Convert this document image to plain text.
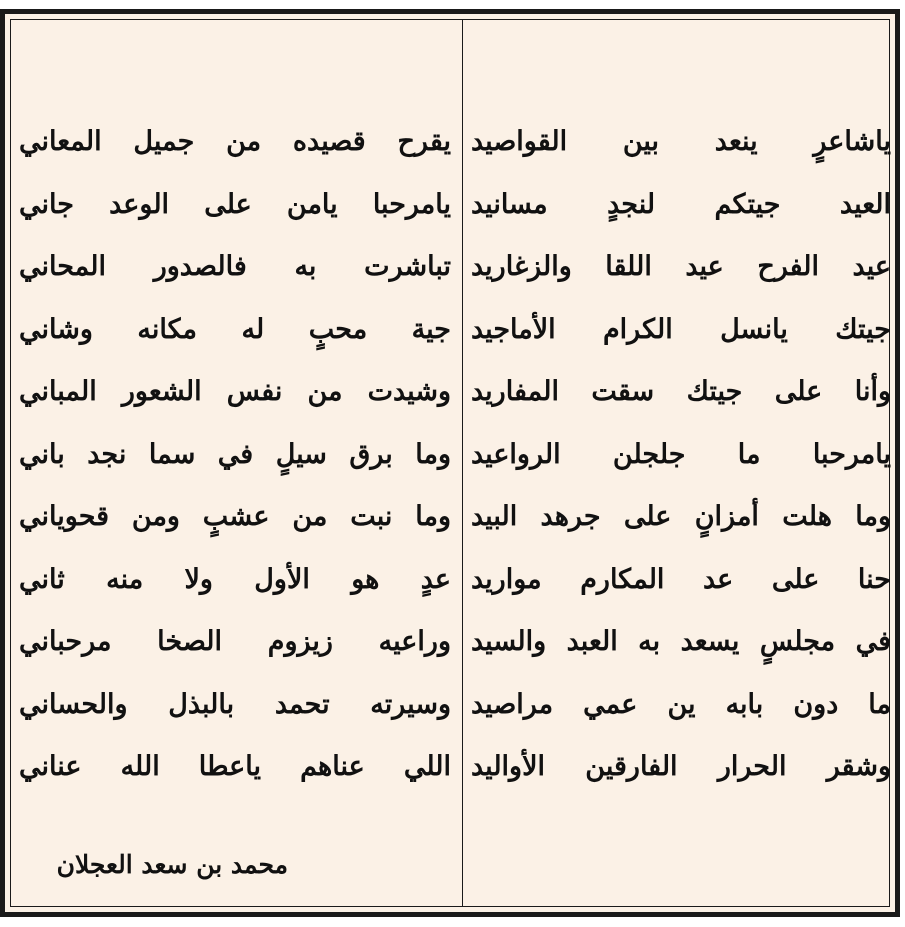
ياشاعرٍ ينعد بين القواصيد
العيد جيتكم لنجدٍ مسانيد
عيد الفرح عيد اللقا والزغاريد
جيتك يانسل الكرام الأماجيد
وأنا على جيتك سقت المفاريد
يامرحبا ما جلجلن الرواعيد
وما هلت أمزانٍ على جرهد البيد
حنا على عد المكارم مواريد
في مجلسٍ يسعد به العبد والسيد
ما دون بابه ين عمي مراصيد
وشقر الحرار الفارقين الأواليد
يقرح قصيده من جميل المعاني
يامرحبا يامن على الوعد جاني
تباشرت به فالصدور المحاني
جية محبٍ له مكانه وشاني
وشيدت من نفس الشعور المباني
وما برق سيلٍ في سما نجد باني
وما نبت من عشبٍ ومن قحوياني
عدٍ هو الأول ولا منه ثاني
وراعيه زيزوم الصخا مرحباني
وسيرته تحمد بالبذل والحساني
اللي عناهم ياعطا الله عناني
محمد بن سعد العجلان
